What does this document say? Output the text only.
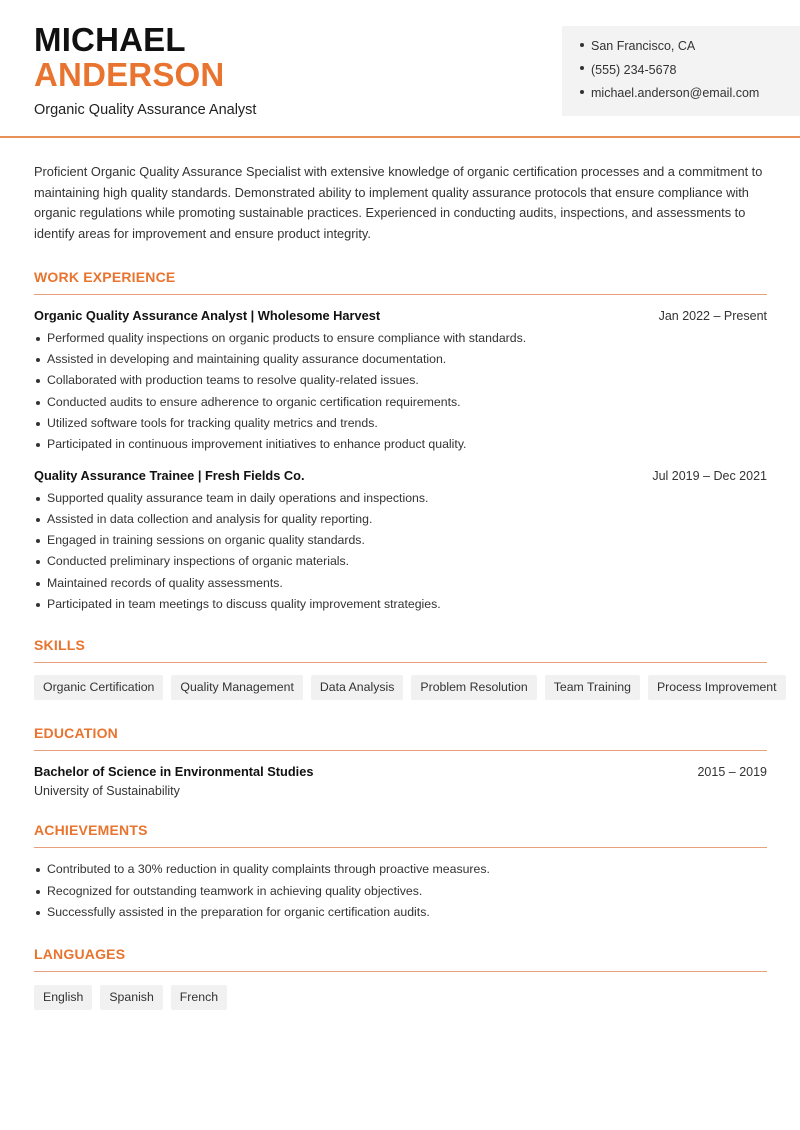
MICHAEL
ANDERSON
Organic Quality Assurance Analyst
San Francisco, CA
(555) 234-5678
michael.anderson@email.com

Proficient Organic Quality Assurance Specialist with extensive knowledge of organic certification processes and a commitment to maintaining high quality standards. Demonstrated ability to implement quality assurance protocols that ensure compliance with organic regulations while promoting sustainable practices. Experienced in conducting audits, inspections, and assessments to identify areas for improvement and ensure product integrity.

WORK EXPERIENCE
Organic Quality Assurance Analyst | Wholesome Harvest	Jan 2022 – Present
Performed quality inspections on organic products to ensure compliance with standards.
Assisted in developing and maintaining quality assurance documentation.
Collaborated with production teams to resolve quality-related issues.
Conducted audits to ensure adherence to organic certification requirements.
Utilized software tools for tracking quality metrics and trends.
Participated in continuous improvement initiatives to enhance product quality.
Quality Assurance Trainee | Fresh Fields Co.	Jul 2019 – Dec 2021
Supported quality assurance team in daily operations and inspections.
Assisted in data collection and analysis for quality reporting.
Engaged in training sessions on organic quality standards.
Conducted preliminary inspections of organic materials.
Maintained records of quality assessments.
Participated in team meetings to discuss quality improvement strategies.
SKILLS
Organic Certification	Quality Management	Data Analysis	Problem Resolution	Team Training	Process Improvement
EDUCATION
Bachelor of Science in Environmental Studies	2015 – 2019
University of Sustainability
ACHIEVEMENTS
Contributed to a 30% reduction in quality complaints through proactive measures.
Recognized for outstanding teamwork in achieving quality objectives.
Successfully assisted in the preparation for organic certification audits.
LANGUAGES
English	Spanish	French
